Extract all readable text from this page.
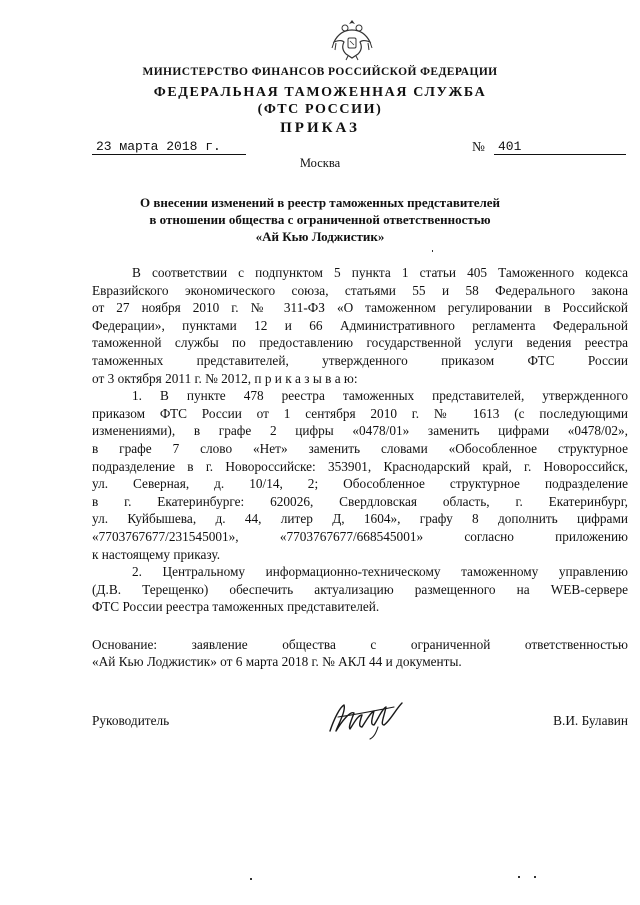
МИНИСТЕРСТВО ФИНАНСОВ РОССИЙСКОЙ ФЕДЕРАЦИИ
ФЕДЕРАЛЬНАЯ ТАМОЖЕННАЯ СЛУЖБА
(ФТС РОССИИ)
ПРИКАЗ
23 марта 2018 г.	№	401
Москва
О внесении изменений в реестр таможенных представителей
в отношении общества с ограниченной ответственностью
«Ай Кью Лоджистик»
В соответствии с подпунктом 5 пункта 1 статьи 405 Таможенного кодекса
Евразийского экономического союза, статьями 55 и 58 Федерального закона
от 27 ноября 2010 г. № 311-ФЗ «О таможенном регулировании в Российской
Федерации», пунктами 12 и 66 Административного регламента Федеральной
таможенной службы по предоставлению государственной услуги ведения реестра
таможенных представителей, утвержденного приказом ФТС России
от 3 октября 2011 г. № 2012, п р и к а з ы в а ю:
1. В пункте 478 реестра таможенных представителей, утвержденного
приказом ФТС России от 1 сентября 2010 г. № 1613 (с последующими
изменениями), в графе 2 цифры «0478/01» заменить цифрами «0478/02»,
в графе 7 слово «Нет» заменить словами «Обособленное структурное
подразделение в г. Новороссийске: 353901, Краснодарский край, г. Новороссийск,
ул. Северная, д. 10/14, 2; Обособленное структурное подразделение
в г. Екатеринбурге: 620026, Свердловская область, г. Екатеринбург,
ул. Куйбышева, д. 44, литер Д, 1604», графу 8 дополнить цифрами
«7703767677/231545001», «7703767677/668545001» согласно приложению
к настоящему приказу.
2. Центральному информационно-техническому таможенному управлению
(Д.В. Терещенко) обеспечить актуализацию размещенного на WEB-сервере
ФТС России реестра таможенных представителей.
Основание: заявление общества с ограниченной ответственностью
«Ай Кью Лоджистик» от 6 марта 2018 г. № АКЛ 44 и документы.
Руководитель	В.И. Булавин
